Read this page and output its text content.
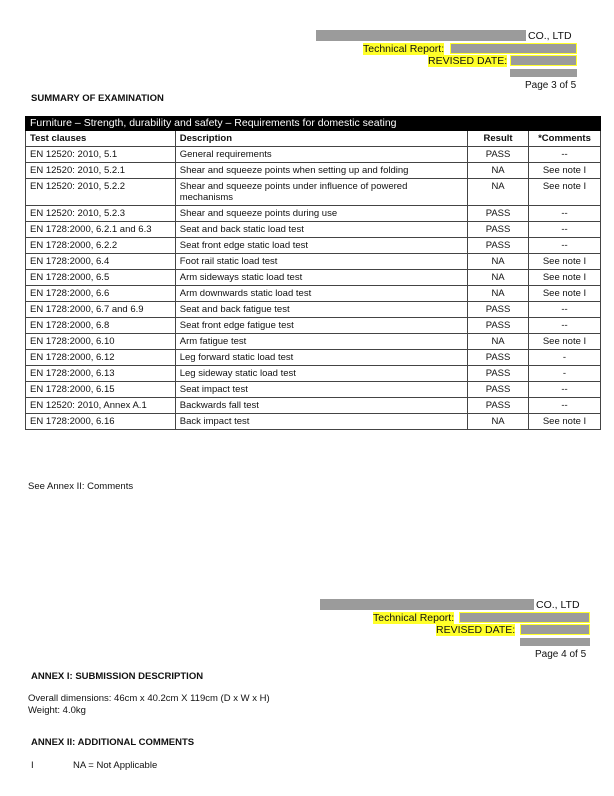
CO., LTD
Technical Report:
REVISED DATE:
Page 3 of 5
SUMMARY OF EXAMINATION
Furniture – Strength, durability and safety – Requirements for domestic seating			
Test clauses	Description	Result	*Comments
EN 12520: 2010, 5.1	General requirements	PASS	--
EN 12520: 2010, 5.2.1	Shear and squeeze points when setting up and folding	NA	See note I
EN 12520: 2010, 5.2.2	Shear and squeeze points under influence of powered mechanisms	NA	See note I
EN 12520: 2010, 5.2.3	Shear and squeeze points during use	PASS	--
EN 1728:2000, 6.2.1 and 6.3	Seat and back static load test	PASS	--
EN 1728:2000, 6.2.2	Seat front edge static load test	PASS	--
EN 1728:2000, 6.4	Foot rail static load test	NA	See note I
EN 1728:2000, 6.5	Arm sideways static load test	NA	See note I
EN 1728:2000, 6.6	Arm downwards static load test	NA	See note I
EN 1728:2000, 6.7 and 6.9	Seat and back fatigue test	PASS	--
EN 1728:2000, 6.8	Seat front edge fatigue test	PASS	--
EN 1728:2000, 6.10	Arm fatigue test	NA	See note I
EN 1728:2000, 6.12	Leg forward static load test	PASS	-
EN 1728:2000, 6.13	Leg sideway static load test	PASS	-
EN 1728:2000, 6.15	Seat impact test	PASS	--
EN 12520: 2010, Annex A.1	Backwards fall test	PASS	--
EN 1728:2000, 6.16	Back impact test	NA	See note I
See Annex II: Comments
CO., LTD
Technical Report:
REVISED DATE:
Page 4 of 5
ANNEX I: SUBMISSION DESCRIPTION
Overall dimensions: 46cm x 40.2cm X 119cm (D x W x H)
Weight: 4.0kg
ANNEX II: ADDITIONAL COMMENTS
I	NA = Not Applicable
